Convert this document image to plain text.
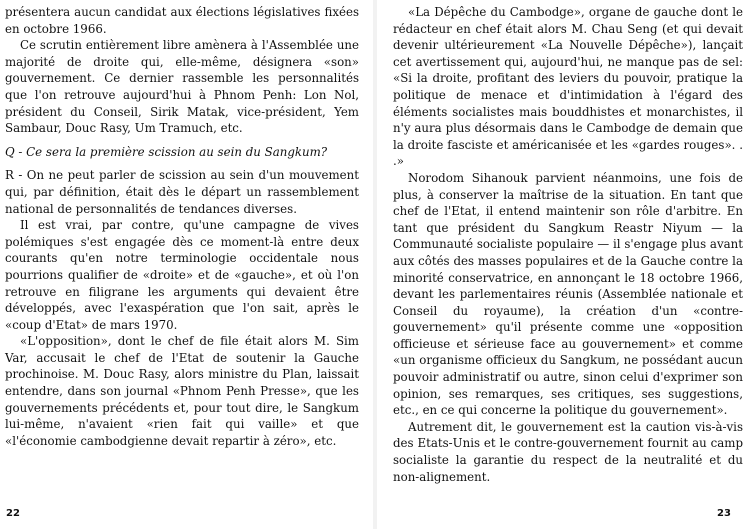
présentera aucun candidat aux élections législatives fixées en octobre 1966.

Ce scrutin entièrement libre amènera à l'Assemblée une majorité de droite qui, elle-même, désignera «son» gouvernement. Ce dernier rassemble les personnalités que l'on retrouve aujourd'hui à Phnom Penh: Lon Nol, président du Conseil, Sirik Matak, vice-président, Yem Sambaur, Douc Rasy, Um Tramuch, etc.

Q - Ce sera la première scission au sein du Sangkum?

R - On ne peut parler de scission au sein d'un mouvement qui, par définition, était dès le départ un rassemblement national de personnalités de tendances diverses.

Il est vrai, par contre, qu'une campagne de vives polémiques s'est engagée dès ce moment-là entre deux courants qu'en notre terminologie occidentale nous pourrions qualifier de «droite» et de «gauche», et où l'on retrouve en filigrane les arguments qui devaient être développés, avec l'exaspération que l'on sait, après le «coup d'Etat» de mars 1970.

«L'opposition», dont le chef de file était alors M. Sim Var, accusait le chef de l'Etat de soutenir la Gauche prochinoise. M. Douc Rasy, alors ministre du Plan, laissait entendre, dans son journal «Phnom Penh Presse», que les gouvernements précédents et, pour tout dire, le Sangkum lui-même, n'avaient «rien fait qui vaille» et que «l'économie cambodgienne devait repartir à zéro», etc.

22

«La Dépêche du Cambodge», organe de gauche dont le rédacteur en chef était alors M. Chau Seng (et qui devait devenir ultérieurement «La Nouvelle Dépêche»), lançait cet avertissement qui, aujourd'hui, ne manque pas de sel: «Si la droite, profitant des leviers du pouvoir, pratique la politique de menace et d'intimidation à l'égard des éléments socialistes mais bouddhistes et monarchistes, il n'y aura plus désormais dans le Cambodge de demain que la droite fasciste et américanisée et les «gardes rouges». . .»

Norodom Sihanouk parvient néanmoins, une fois de plus, à conserver la maîtrise de la situation. En tant que chef de l'Etat, il entend maintenir son rôle d'arbitre. En tant que président du Sangkum Reastr Niyum — la Communauté socialiste populaire — il s'engage plus avant aux côtés des masses populaires et de la Gauche contre la minorité conservatrice, en annonçant le 18 octobre 1966, devant les parlementaires réunis (Assemblée nationale et Conseil du royaume), la création d'un «contre-gouvernement» qu'il présente comme une «opposition officieuse et sérieuse face au gouvernement» et comme «un organisme officieux du Sangkum, ne possédant aucun pouvoir administratif ou autre, sinon celui d'exprimer son opinion, ses remarques, ses critiques, ses suggestions, etc., en ce qui concerne la politique du gouvernement».

Autrement dit, le gouvernement est la caution vis-à-vis des Etats-Unis et le contre-gouvernement fournit au camp socialiste la garantie du respect de la neutralité et du non-alignement.

23
